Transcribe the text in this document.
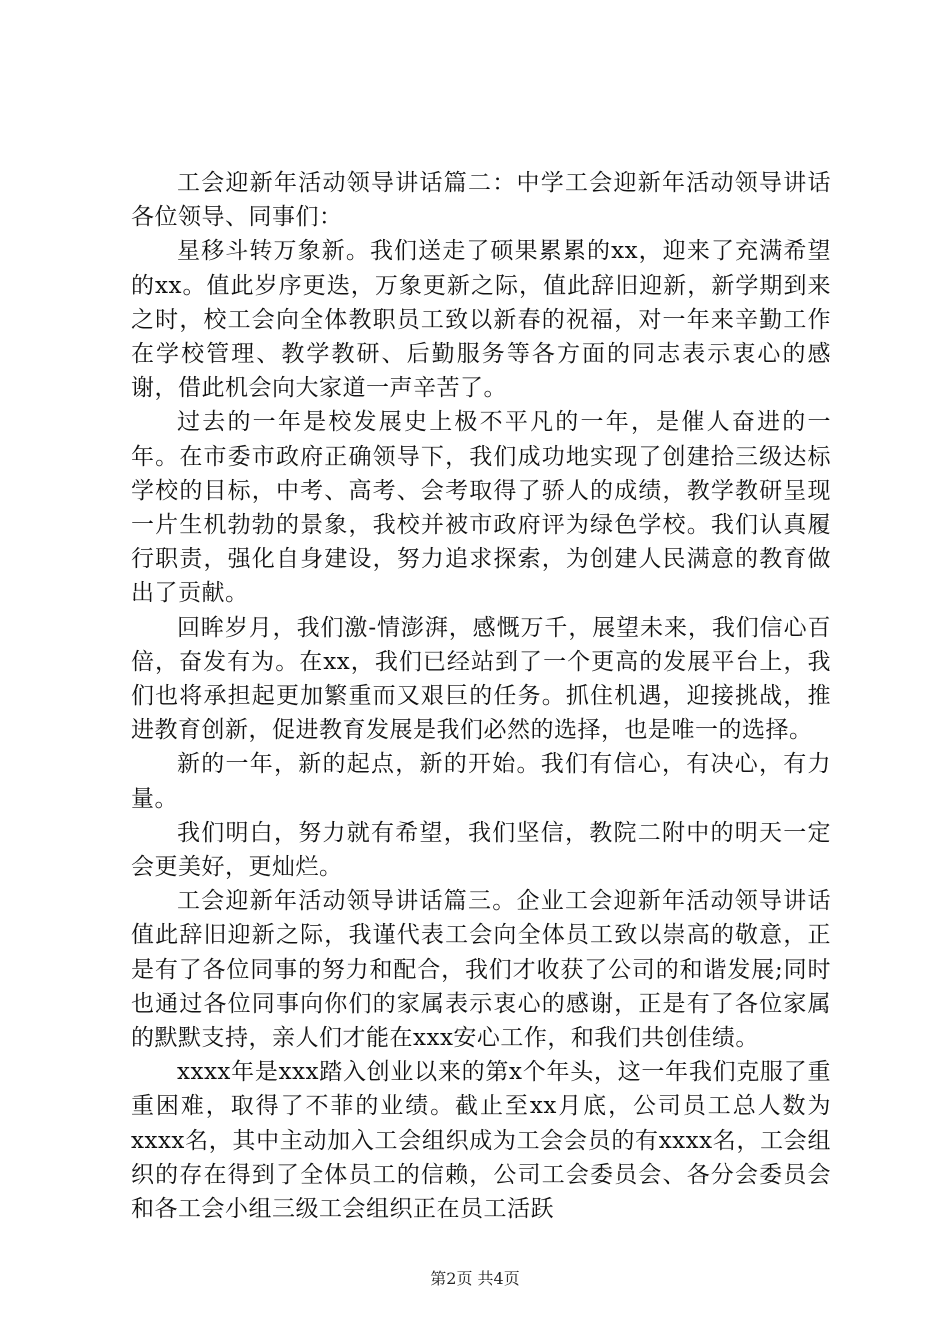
工会迎新年活动领导讲话篇二：中学工会迎新年活动领导讲话各位领导、同事们：

星移斗转万象新。我们送走了硕果累累的xx，迎来了充满希望的xx。值此岁序更迭，万象更新之际，值此辞旧迎新，新学期到来之时，校工会向全体教职员工致以新春的祝福，对一年来辛勤工作在学校管理、教学教研、后勤服务等各方面的同志表示衷心的感谢，借此机会向大家道一声辛苦了。

过去的一年是校发展史上极不平凡的一年，是催人奋进的一年。在市委市政府正确领导下，我们成功地实现了创建拾三级达标学校的目标，中考、高考、会考取得了骄人的成绩，教学教研呈现一片生机勃勃的景象，我校并被市政府评为绿色学校。我们认真履行职责，强化自身建设，努力追求探索，为创建人民满意的教育做出了贡献。

回眸岁月，我们激-情澎湃，感慨万千，展望未来，我们信心百倍，奋发有为。在xx，我们已经站到了一个更高的发展平台上，我们也将承担起更加繁重而又艰巨的任务。抓住机遇，迎接挑战，推进教育创新，促进教育发展是我们必然的选择，也是唯一的选择。

新的一年，新的起点，新的开始。我们有信心，有决心，有力量。

我们明白，努力就有希望，我们坚信，教院二附中的明天一定会更美好，更灿烂。

工会迎新年活动领导讲话篇三。企业工会迎新年活动领导讲话值此辞旧迎新之际，我谨代表工会向全体员工致以崇高的敬意，正是有了各位同事的努力和配合，我们才收获了公司的和谐发展;同时也通过各位同事向你们的家属表示衷心的感谢，正是有了各位家属的默默支持，亲人们才能在xxx安心工作，和我们共创佳绩。

xxxx年是xxx踏入创业以来的第x个年头，这一年我们克服了重重困难，取得了不菲的业绩。截止至xx月底，公司员工总人数为xxxx名，其中主动加入工会组织成为工会会员的有xxxx名，工会组织的存在得到了全体员工的信赖，公司工会委员会、各分会委员会和各工会小组三级工会组织正在员工活跃

第2页 共4页
